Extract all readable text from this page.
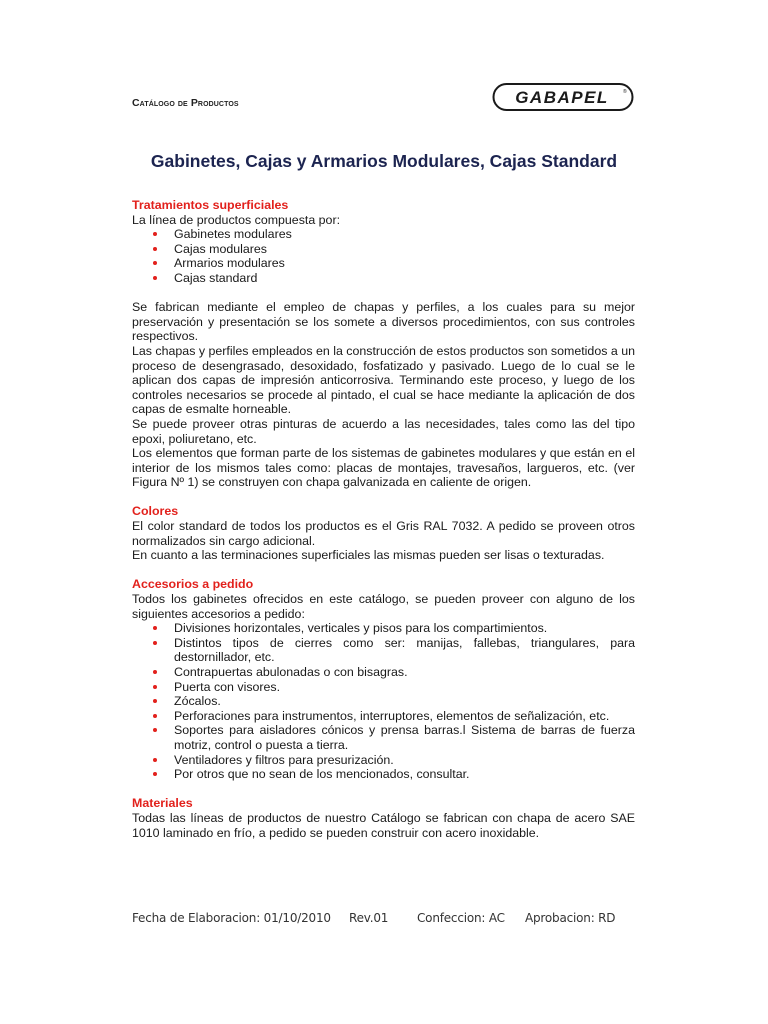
Catálogo de Productos	GABAPEL	®
Gabinetes, Cajas y Armarios Modulares, Cajas Standard
Tratamientos superficiales
La línea de productos compuesta por:
Gabinetes modulares
Cajas modulares
Armarios modulares
Cajas standard
Se fabrican mediante el empleo de chapas y perfiles, a los cuales para su mejor preservación y presentación se los somete a diversos procedimientos, con sus controles respectivos.
Las chapas y perfiles empleados en la construcción de estos productos son sometidos a un proceso de desengrasado, desoxidado, fosfatizado y pasivado. Luego de lo cual se le aplican dos capas de impresión anticorrosiva. Terminando este proceso, y luego de los controles necesarios se procede al pintado, el cual se hace mediante la aplicación de dos capas de esmalte horneable.
Se puede proveer otras pinturas de acuerdo a las necesidades, tales como las del tipo epoxi, poliuretano, etc.
Los elementos que forman parte de los sistemas de gabinetes modulares y que están en el interior de los mismos tales como: placas de montajes, travesaños, largueros, etc. (ver Figura Nº 1) se construyen con chapa galvanizada en caliente de origen.
Colores
El color standard de todos los productos es el Gris RAL 7032. A pedido se proveen otros normalizados sin cargo adicional.
En cuanto a las terminaciones superficiales las mismas pueden ser lisas o texturadas.
Accesorios a pedido
Todos los gabinetes ofrecidos en este catálogo, se pueden proveer con alguno de los siguientes accesorios a pedido:
Divisiones horizontales, verticales y pisos para los compartimientos.
Distintos tipos de cierres como ser: manijas, fallebas, triangulares, para destornillador, etc.
Contrapuertas abulonadas o con bisagras.
Puerta con visores.
Zócalos.
Perforaciones para instrumentos, interruptores, elementos de señalización, etc.
Soportes para aisladores cónicos y prensa barras.l Sistema de barras de fuerza motriz, control o puesta a tierra.
Ventiladores y filtros para presurización.
Por otros que no sean de los mencionados, consultar.
Materiales
Todas las líneas de productos de nuestro Catálogo se fabrican con chapa de acero SAE 1010 laminado en frío, a pedido se pueden construir con acero inoxidable.
Fecha de Elaboracion: 01/10/2010 Rev.01 Confeccion: AC Aprobacion: RD
